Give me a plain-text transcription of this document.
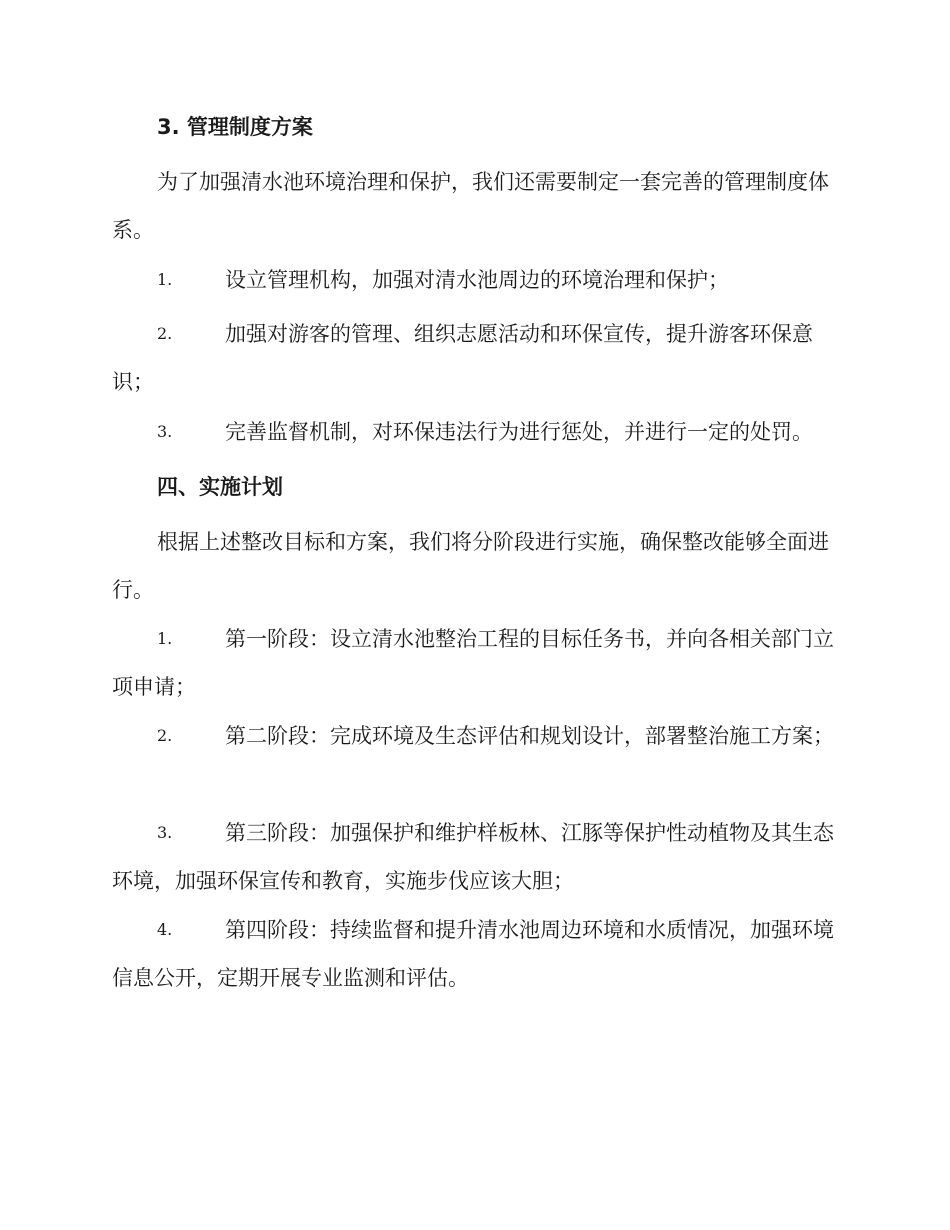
3. 管理制度方案
为了加强清水池环境治理和保护，我们还需要制定一套完善的管理制度体系。
1.	设立管理机构，加强对清水池周边的环境治理和保护；
2.	加强对游客的管理、组织志愿活动和环保宣传，提升游客环保意识；
3.	完善监督机制，对环保违法行为进行惩处，并进行一定的处罚。
四、实施计划
根据上述整改目标和方案，我们将分阶段进行实施，确保整改能够全面进行。
1.	第一阶段：设立清水池整治工程的目标任务书，并向各相关部门立项申请；
2.	第二阶段：完成环境及生态评估和规划设计，部署整治施工方案；
3.	第三阶段：加强保护和维护样板林、江豚等保护性动植物及其生态环境，加强环保宣传和教育，实施步伐应该大胆；
4.	第四阶段：持续监督和提升清水池周边环境和水质情况，加强环境信息公开，定期开展专业监测和评估。
